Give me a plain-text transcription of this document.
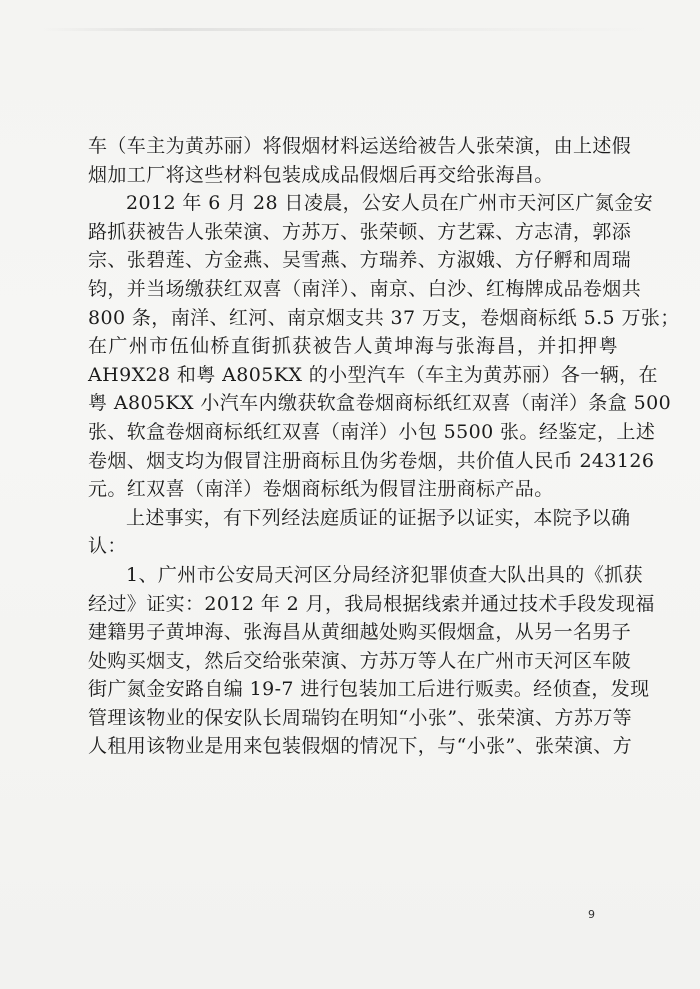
车（车主为黄苏丽）将假烟材料运送给被告人张荣演，由上述假
烟加工厂将这些材料包装成成品假烟后再交给张海昌。
2012 年 6 月 28 日凌晨，公安人员在广州市天河区广氮金安
路抓获被告人张荣演、方苏万、张荣顿、方艺霖、方志清，郭添
宗、张碧莲、方金燕、吴雪燕、方瑞养、方淑娥、方仔孵和周瑞
钧，并当场缴获红双喜（南洋）、南京、白沙、红梅牌成品卷烟共
800 条，南洋、红河、南京烟支共 37 万支，卷烟商标纸 5.5 万张；
在广州市伍仙桥直街抓获被告人黄坤海与张海昌，并扣押粤
AH9X28 和粤 A805KX 的小型汽车（车主为黄苏丽）各一辆，在
粤 A805KX 小汽车内缴获软盒卷烟商标纸红双喜（南洋）条盒 500
张、软盒卷烟商标纸红双喜（南洋）小包 5500 张。经鉴定，上述
卷烟、烟支均为假冒注册商标且伪劣卷烟，共价值人民币 243126
元。红双喜（南洋）卷烟商标纸为假冒注册商标产品。
上述事实，有下列经法庭质证的证据予以证实，本院予以确
认：
1、广州市公安局天河区分局经济犯罪侦查大队出具的《抓获
经过》证实：2012 年 2 月，我局根据线索并通过技术手段发现福
建籍男子黄坤海、张海昌从黄细越处购买假烟盒，从另一名男子
处购买烟支，然后交给张荣演、方苏万等人在广州市天河区车陂
街广氮金安路自编 19-7 进行包装加工后进行贩卖。经侦查，发现
管理该物业的保安队长周瑞钧在明知“小张”、张荣演、方苏万等
人租用该物业是用来包装假烟的情况下，与“小张”、张荣演、方
9
